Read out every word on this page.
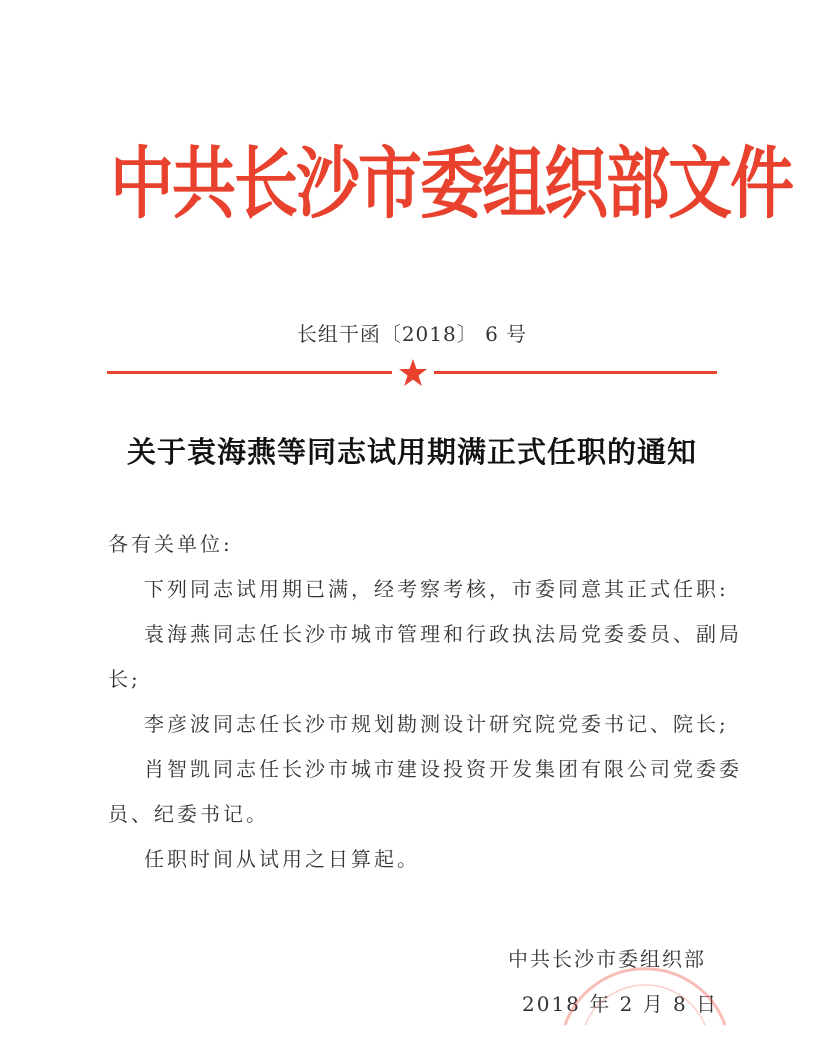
中共长沙市委组织部文件
长组干函〔2018〕 6 号
关于袁海燕等同志试用期满正式任职的通知
各有关单位:
下列同志试用期已满，经考察考核，市委同意其正式任职:
袁海燕同志任长沙市城市管理和行政执法局党委委员、副局
长;
李彦波同志任长沙市规划勘测设计研究院党委书记、院长;
肖智凯同志任长沙市城市建设投资开发集团有限公司党委委
员、纪委书记。
任职时间从试用之日算起。
中共长沙市委组织部
2018 年 2 月 8 日
